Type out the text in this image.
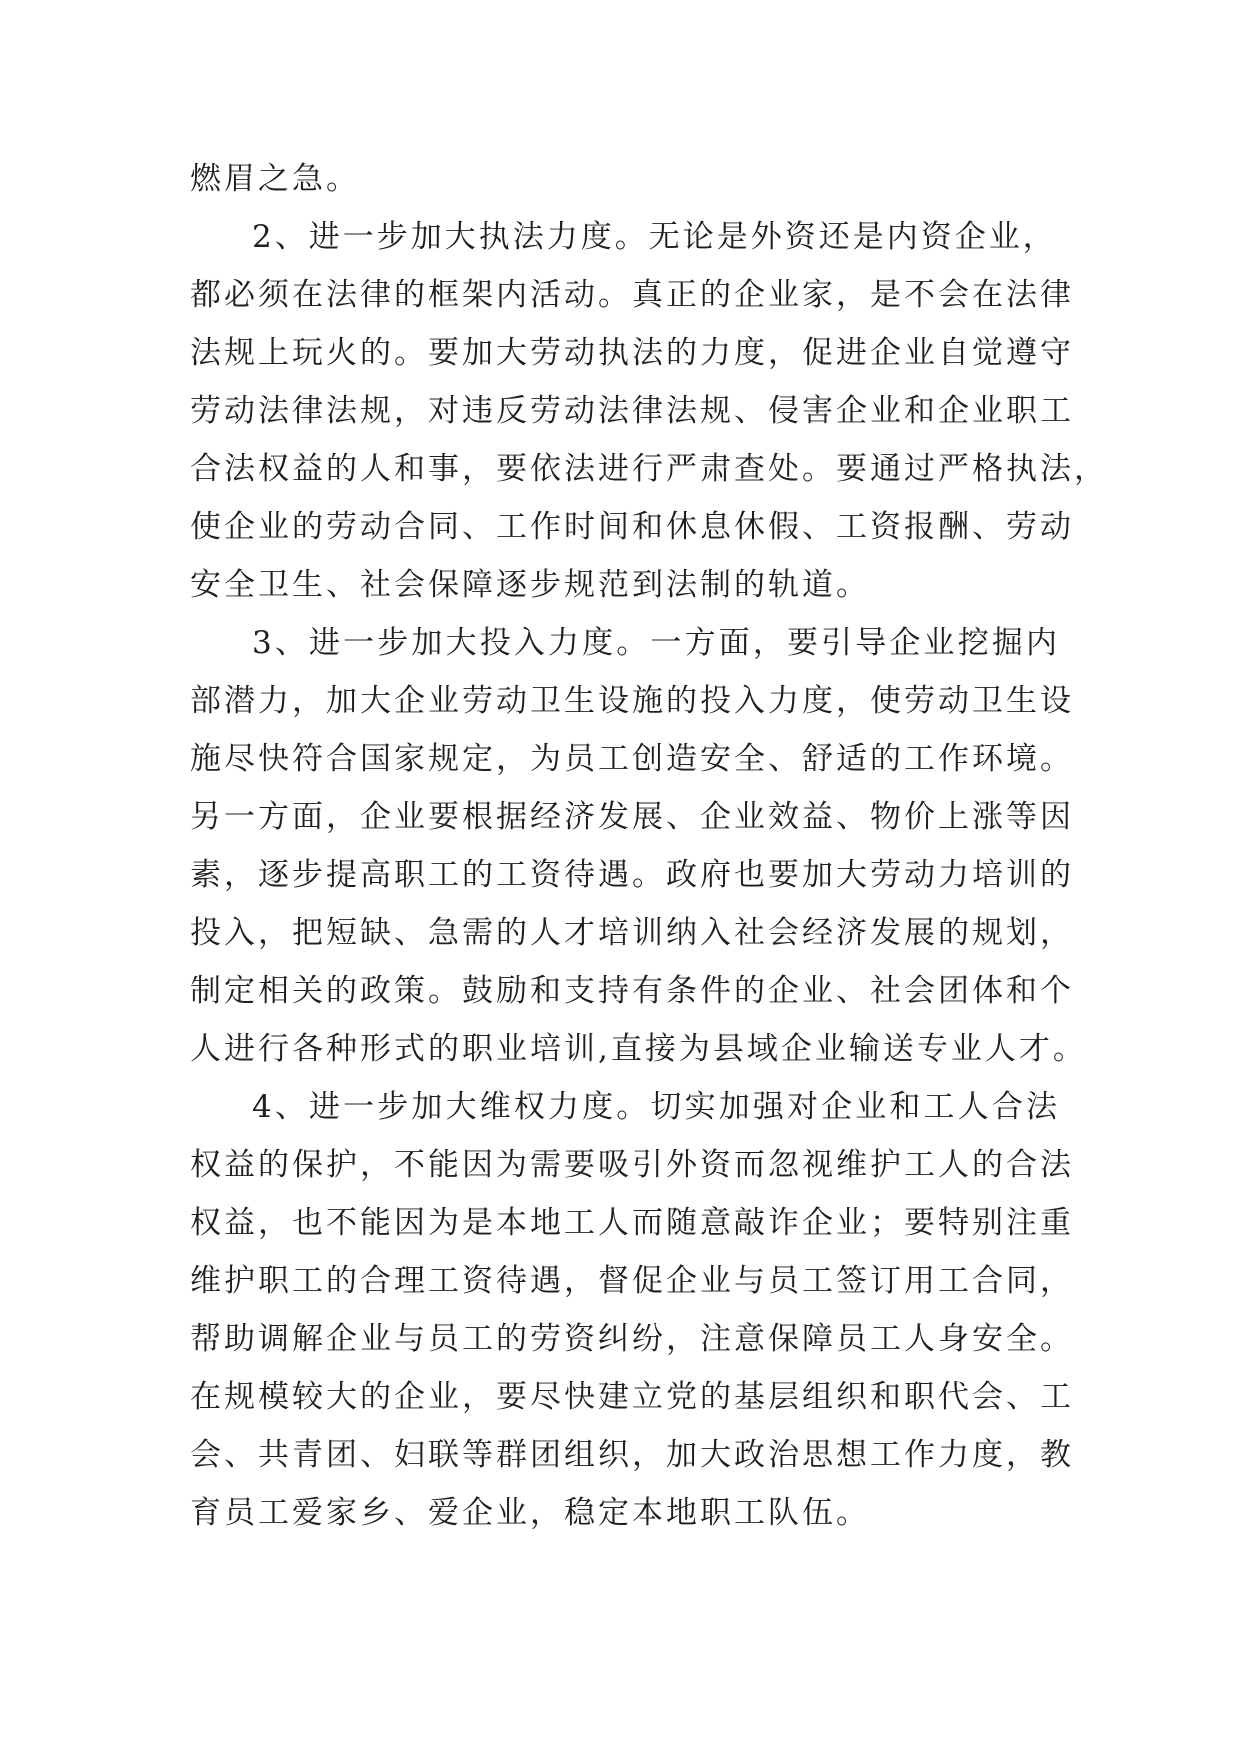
燃眉之急。
2、进一步加大执法力度。无论是外资还是内资企业，
都必须在法律的框架内活动。真正的企业家，是不会在法律
法规上玩火的。要加大劳动执法的力度，促进企业自觉遵守
劳动法律法规，对违反劳动法律法规、侵害企业和企业职工
合法权益的人和事，要依法进行严肃查处。要通过严格执法，
使企业的劳动合同、工作时间和休息休假、工资报酬、劳动
安全卫生、社会保障逐步规范到法制的轨道。
3、进一步加大投入力度。一方面，要引导企业挖掘内
部潜力，加大企业劳动卫生设施的投入力度，使劳动卫生设
施尽快符合国家规定，为员工创造安全、舒适的工作环境。
另一方面，企业要根据经济发展、企业效益、物价上涨等因
素，逐步提高职工的工资待遇。政府也要加大劳动力培训的
投入，把短缺、急需的人才培训纳入社会经济发展的规划，
制定相关的政策。鼓励和支持有条件的企业、社会团体和个
人进行各种形式的职业培训,直接为县域企业输送专业人才。
4、进一步加大维权力度。切实加强对企业和工人合法
权益的保护，不能因为需要吸引外资而忽视维护工人的合法
权益，也不能因为是本地工人而随意敲诈企业；要特别注重
维护职工的合理工资待遇，督促企业与员工签订用工合同，
帮助调解企业与员工的劳资纠纷，注意保障员工人身安全。
在规模较大的企业，要尽快建立党的基层组织和职代会、工
会、共青团、妇联等群团组织，加大政治思想工作力度，教
育员工爱家乡、爱企业，稳定本地职工队伍。
